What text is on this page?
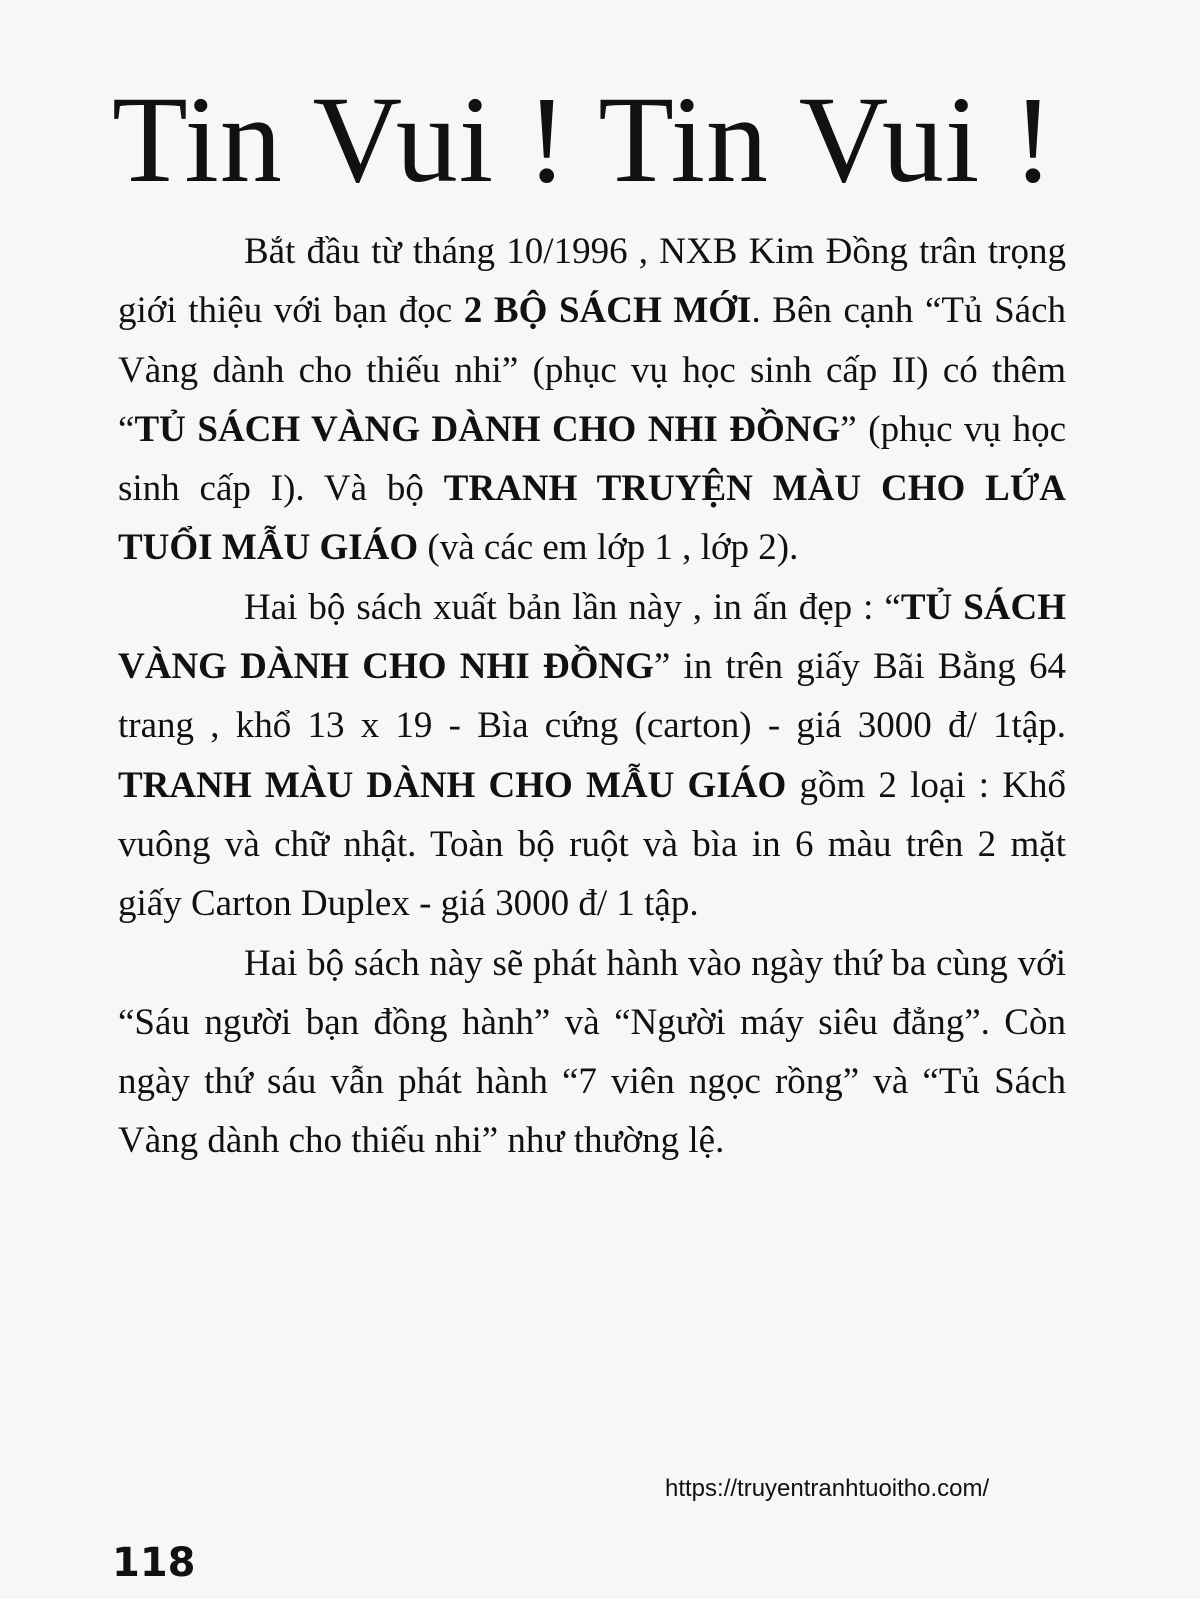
Tin Vui ! Tin Vui !

Bắt đầu từ tháng 10/1996 , NXB Kim Đồng trân trọng giới thiệu với bạn đọc 2 BỘ SÁCH MỚI. Bên cạnh “Tủ Sách Vàng dành cho thiếu nhi” (phục vụ học sinh cấp II) có thêm “TỦ SÁCH VÀNG DÀNH CHO NHI ĐỒNG” (phục vụ học sinh cấp I). Và bộ TRANH TRUYỆN MÀU CHO LỨA TUỔI MẪU GIÁO (và các em lớp 1 , lớp 2).

Hai bộ sách xuất bản lần này , in ấn đẹp : “TỦ SÁCH VÀNG DÀNH CHO NHI ĐỒNG” in trên giấy Bãi Bằng 64 trang , khổ 13 x 19 - Bìa cứng (carton) - giá 3000 đ/ 1tập. TRANH MÀU DÀNH CHO MẪU GIÁO gồm 2 loại : Khổ vuông và chữ nhật. Toàn bộ ruột và bìa in 6 màu trên 2 mặt giấy Carton Duplex - giá 3000 đ/ 1 tập.

Hai bộ sách này sẽ phát hành vào ngày thứ ba cùng với “Sáu người bạn đồng hành” và “Người máy siêu đẳng”. Còn ngày thứ sáu vẫn phát hành “7 viên ngọc rồng” và “Tủ Sách Vàng dành cho thiếu nhi” như thường lệ.

https://truyentranhtuoitho.com/
118
